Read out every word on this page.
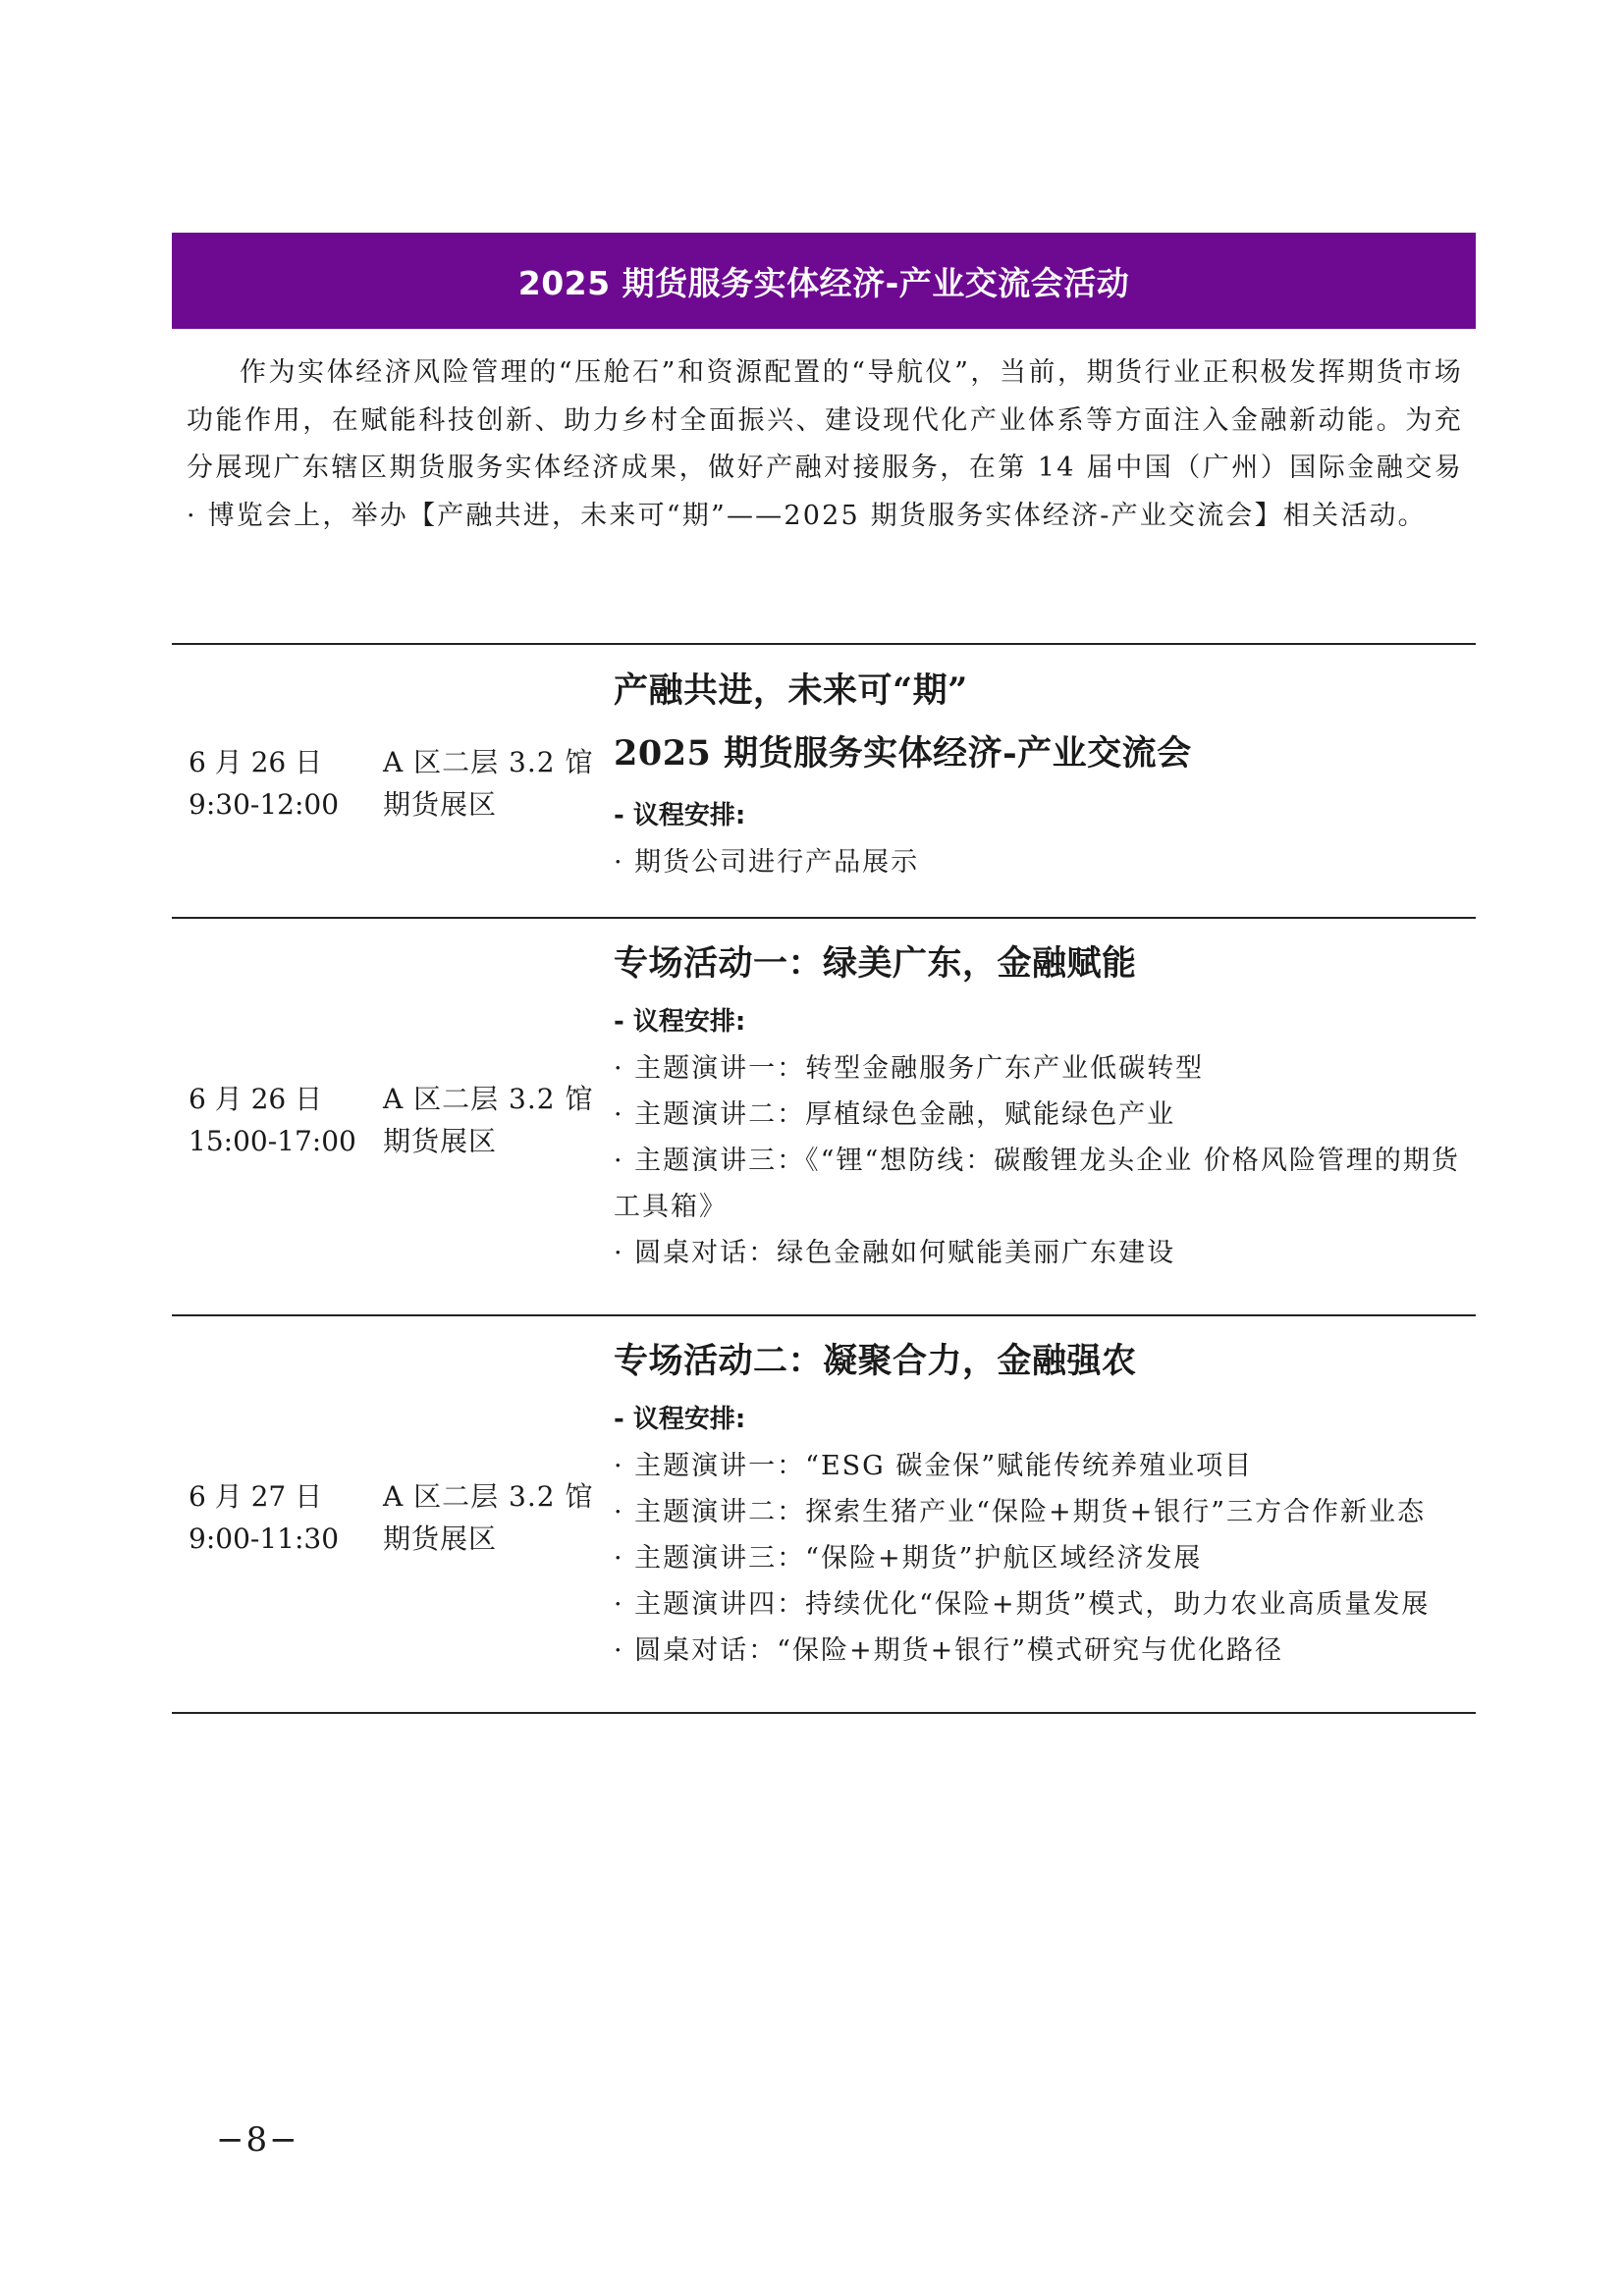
2025 期货服务实体经济-产业交流会活动
作为实体经济风险管理的“压舱石”和资源配置的“导航仪”，当前，期货行业正积极发挥期货市场功能作用，在赋能科技创新、助力乡村全面振兴、建设现代化产业体系等方面注入金融新动能。为充分展现广东辖区期货服务实体经济成果，做好产融对接服务，在第 14 届中国（广州）国际金融交易 · 博览会上，举办【产融共进，未来可“期”——2025 期货服务实体经济-产业交流会】相关活动。
6 月 26 日
9:30-12:00
A 区二层 3.2 馆
期货展区
产融共进，未来可“期”
2025 期货服务实体经济-产业交流会
- 议程安排:
· 期货公司进行产品展示
6 月 26 日
15:00-17:00
A 区二层 3.2 馆
期货展区
专场活动一：绿美广东，金融赋能
- 议程安排:
· 主题演讲一：转型金融服务广东产业低碳转型
· 主题演讲二：厚植绿色金融，赋能绿色产业
· 主题演讲三：《“锂“想防线：碳酸锂龙头企业 价格风险管理的期货工具箱》
· 圆桌对话：绿色金融如何赋能美丽广东建设
6 月 27 日
9:00-11:30
A 区二层 3.2 馆
期货展区
专场活动二：凝聚合力，金融强农
- 议程安排:
· 主题演讲一：“ESG 碳金保”赋能传统养殖业项目
· 主题演讲二：探索生猪产业“保险+期货+银行”三方合作新业态
· 主题演讲三：“保险+期货”护航区域经济发展
· 主题演讲四：持续优化“保险+期货”模式，助力农业高质量发展
· 圆桌对话：“保险+期货+银行”模式研究与优化路径
−8−
